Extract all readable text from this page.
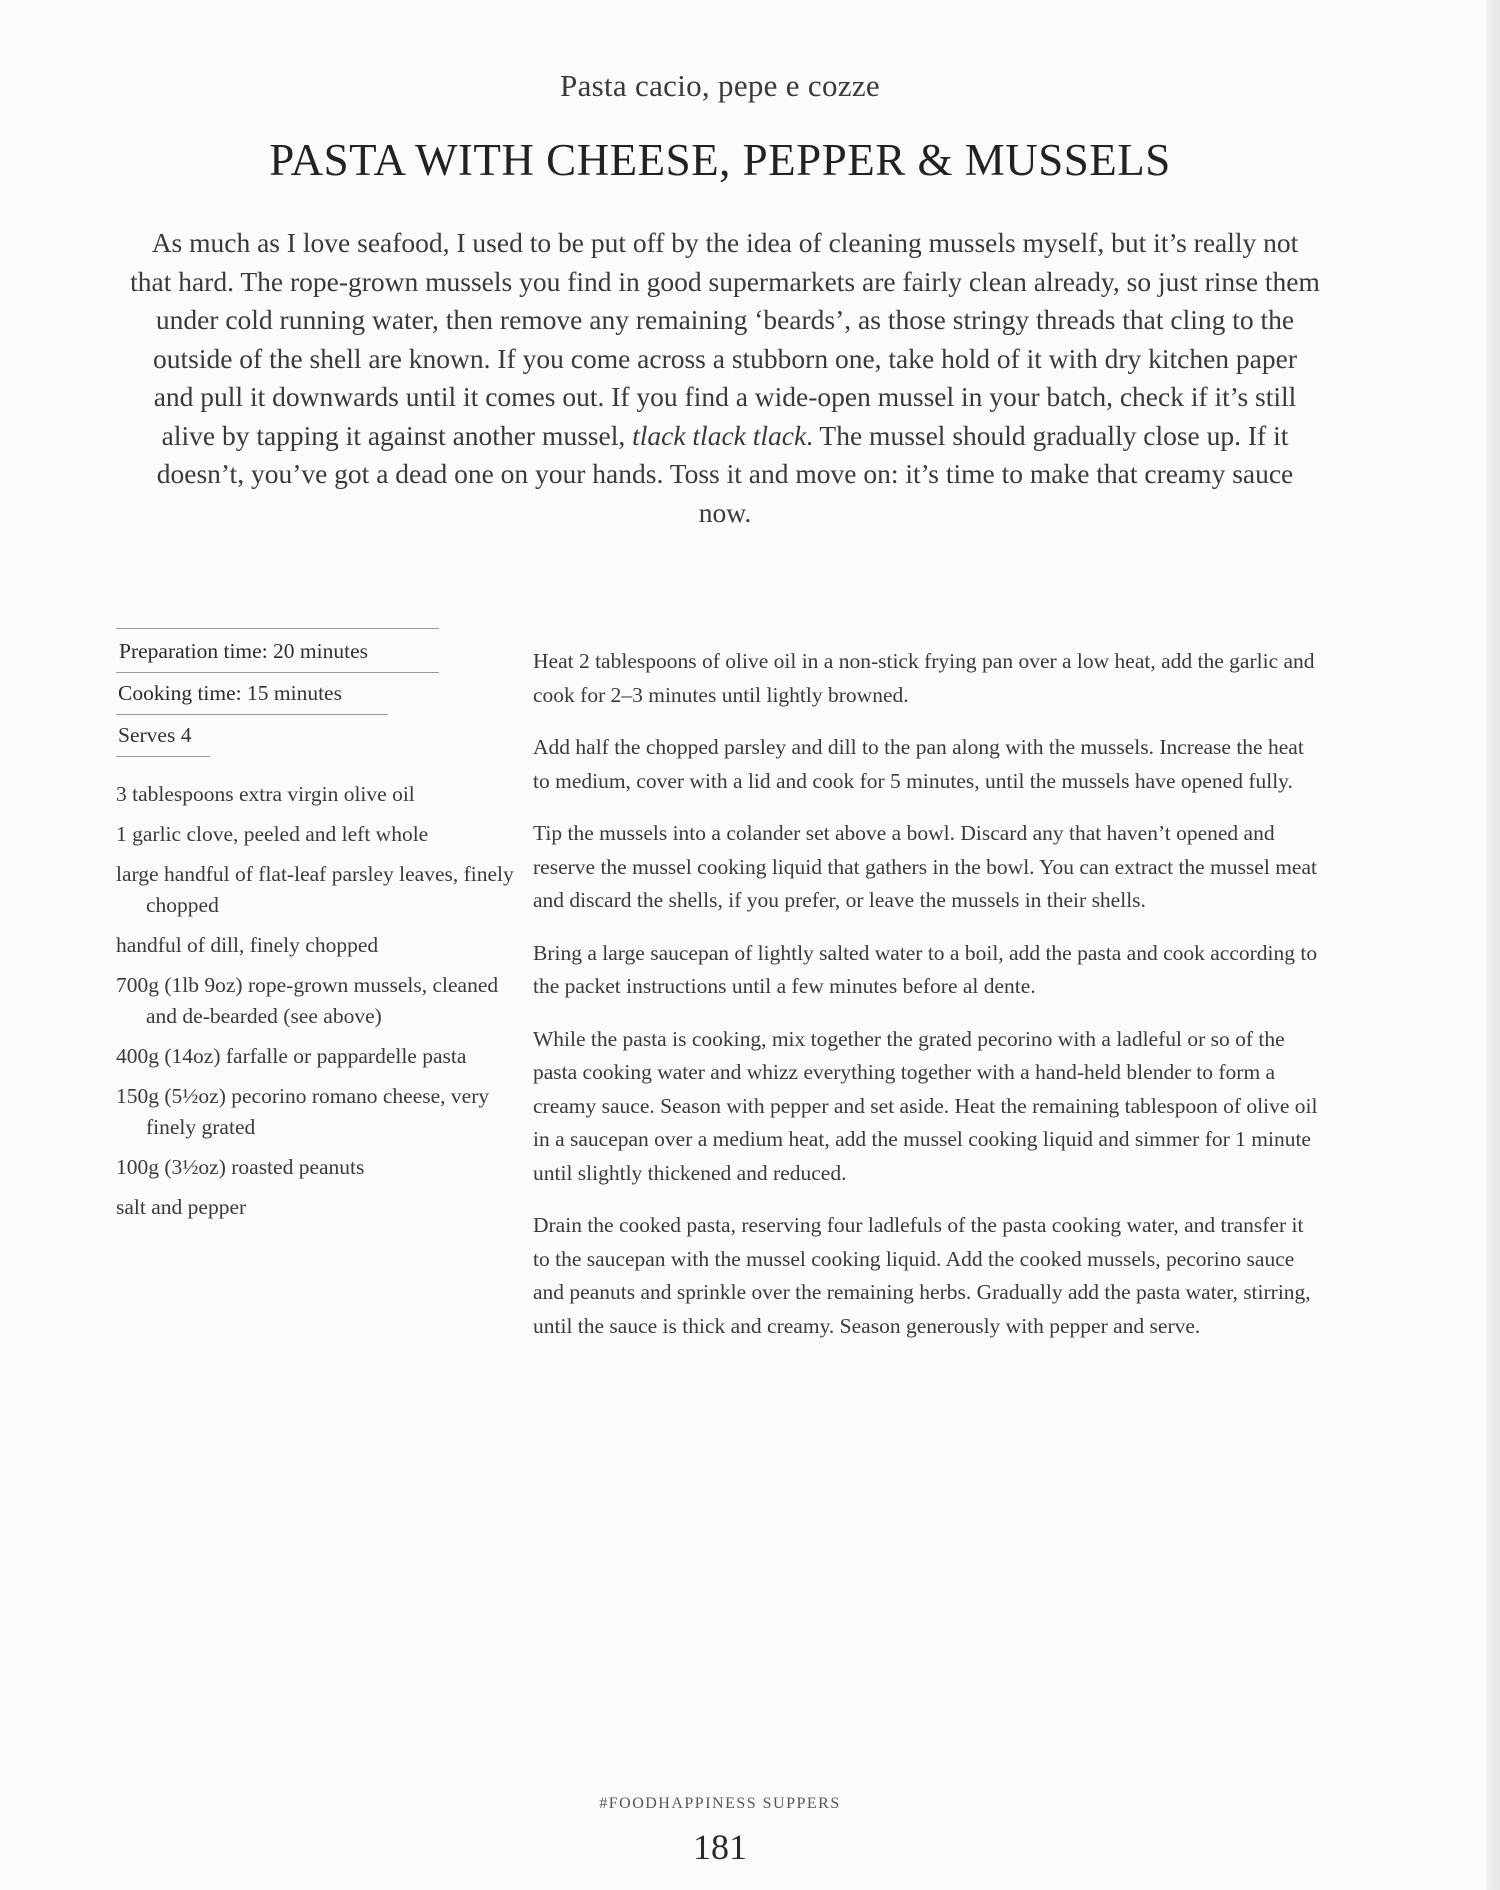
Pasta cacio, pepe e cozze
PASTA WITH CHEESE, PEPPER & MUSSELS
As much as I love seafood, I used to be put off by the idea of cleaning mussels myself, but it’s really not that hard. The rope-grown mussels you find in good supermarkets are fairly clean already, so just rinse them under cold running water, then remove any remaining ‘beards’, as those stringy threads that cling to the outside of the shell are known. If you come across a stubborn one, take hold of it with dry kitchen paper and pull it downwards until it comes out. If you find a wide-open mussel in your batch, check if it’s still alive by tapping it against another mussel, tlack tlack tlack. The mussel should gradually close up. If it doesn’t, you’ve got a dead one on your hands. Toss it and move on: it’s time to make that creamy sauce now.
Preparation time: 20 minutes
Cooking time: 15 minutes
Serves 4
3 tablespoons extra virgin olive oil
1 garlic clove, peeled and left whole
large handful of flat-leaf parsley leaves, finely chopped
handful of dill, finely chopped
700g (1lb 9oz) rope-grown mussels, cleaned and de-bearded (see above)
400g (14oz) farfalle or pappardelle pasta
150g (5½oz) pecorino romano cheese, very finely grated
100g (3½oz) roasted peanuts
salt and pepper

Heat 2 tablespoons of olive oil in a non-stick frying pan over a low heat, add the garlic and cook for 2–3 minutes until lightly browned.

Add half the chopped parsley and dill to the pan along with the mussels. Increase the heat to medium, cover with a lid and cook for 5 minutes, until the mussels have opened fully.

Tip the mussels into a colander set above a bowl. Discard any that haven’t opened and reserve the mussel cooking liquid that gathers in the bowl. You can extract the mussel meat and discard the shells, if you prefer, or leave the mussels in their shells.

Bring a large saucepan of lightly salted water to a boil, add the pasta and cook according to the packet instructions until a few minutes before al dente.

While the pasta is cooking, mix together the grated pecorino with a ladleful or so of the pasta cooking water and whizz everything together with a hand-held blender to form a creamy sauce. Season with pepper and set aside. Heat the remaining tablespoon of olive oil in a saucepan over a medium heat, add the mussel cooking liquid and simmer for 1 minute until slightly thickened and reduced.

Drain the cooked pasta, reserving four ladlefuls of the pasta cooking water, and transfer it to the saucepan with the mussel cooking liquid. Add the cooked mussels, pecorino sauce and peanuts and sprinkle over the remaining herbs. Gradually add the pasta water, stirring, until the sauce is thick and creamy. Season generously with pepper and serve.

#FOODHAPPINESS SUPPERS
181
